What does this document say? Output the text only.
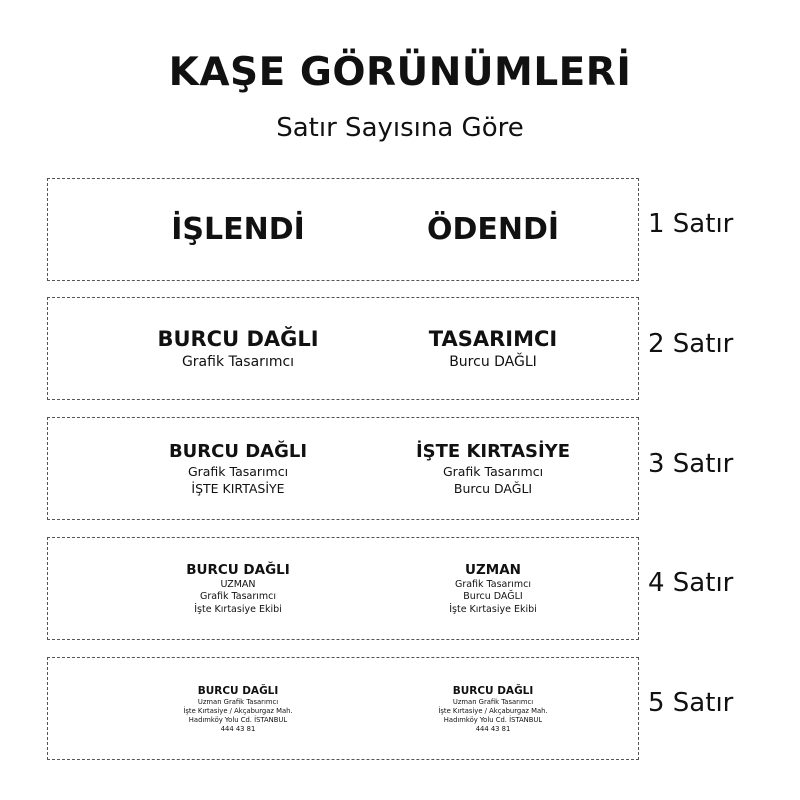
KAŞE GÖRÜNÜMLERİ
Satır Sayısına Göre
İŞLENDİ	ÖDENDİ	1 Satır
BURCU DAĞLI
Grafik Tasarımcı
TASARIMCI
Burcu DAĞLI
2 Satır
BURCU DAĞLI
Grafik Tasarımcı
İŞTE KIRTASİYE
İŞTE KIRTASİYE
Grafik Tasarımcı
Burcu DAĞLI
3 Satır
BURCU DAĞLI
UZMAN
Grafik Tasarımcı
İşte Kırtasiye Ekibi
UZMAN
Grafik Tasarımcı
Burcu DAĞLI
İşte Kırtasiye Ekibi
4 Satır
BURCU DAĞLI
Uzman Grafik Tasarımcı
İşte Kırtasiye / Akçaburgaz Mah.
Hadımköy Yolu Cd. İSTANBUL
444 43 81
BURCU DAĞLI
Uzman Grafik Tasarımcı
İşte Kırtasiye / Akçaburgaz Mah.
Hadımköy Yolu Cd. İSTANBUL
444 43 81
5 Satır
